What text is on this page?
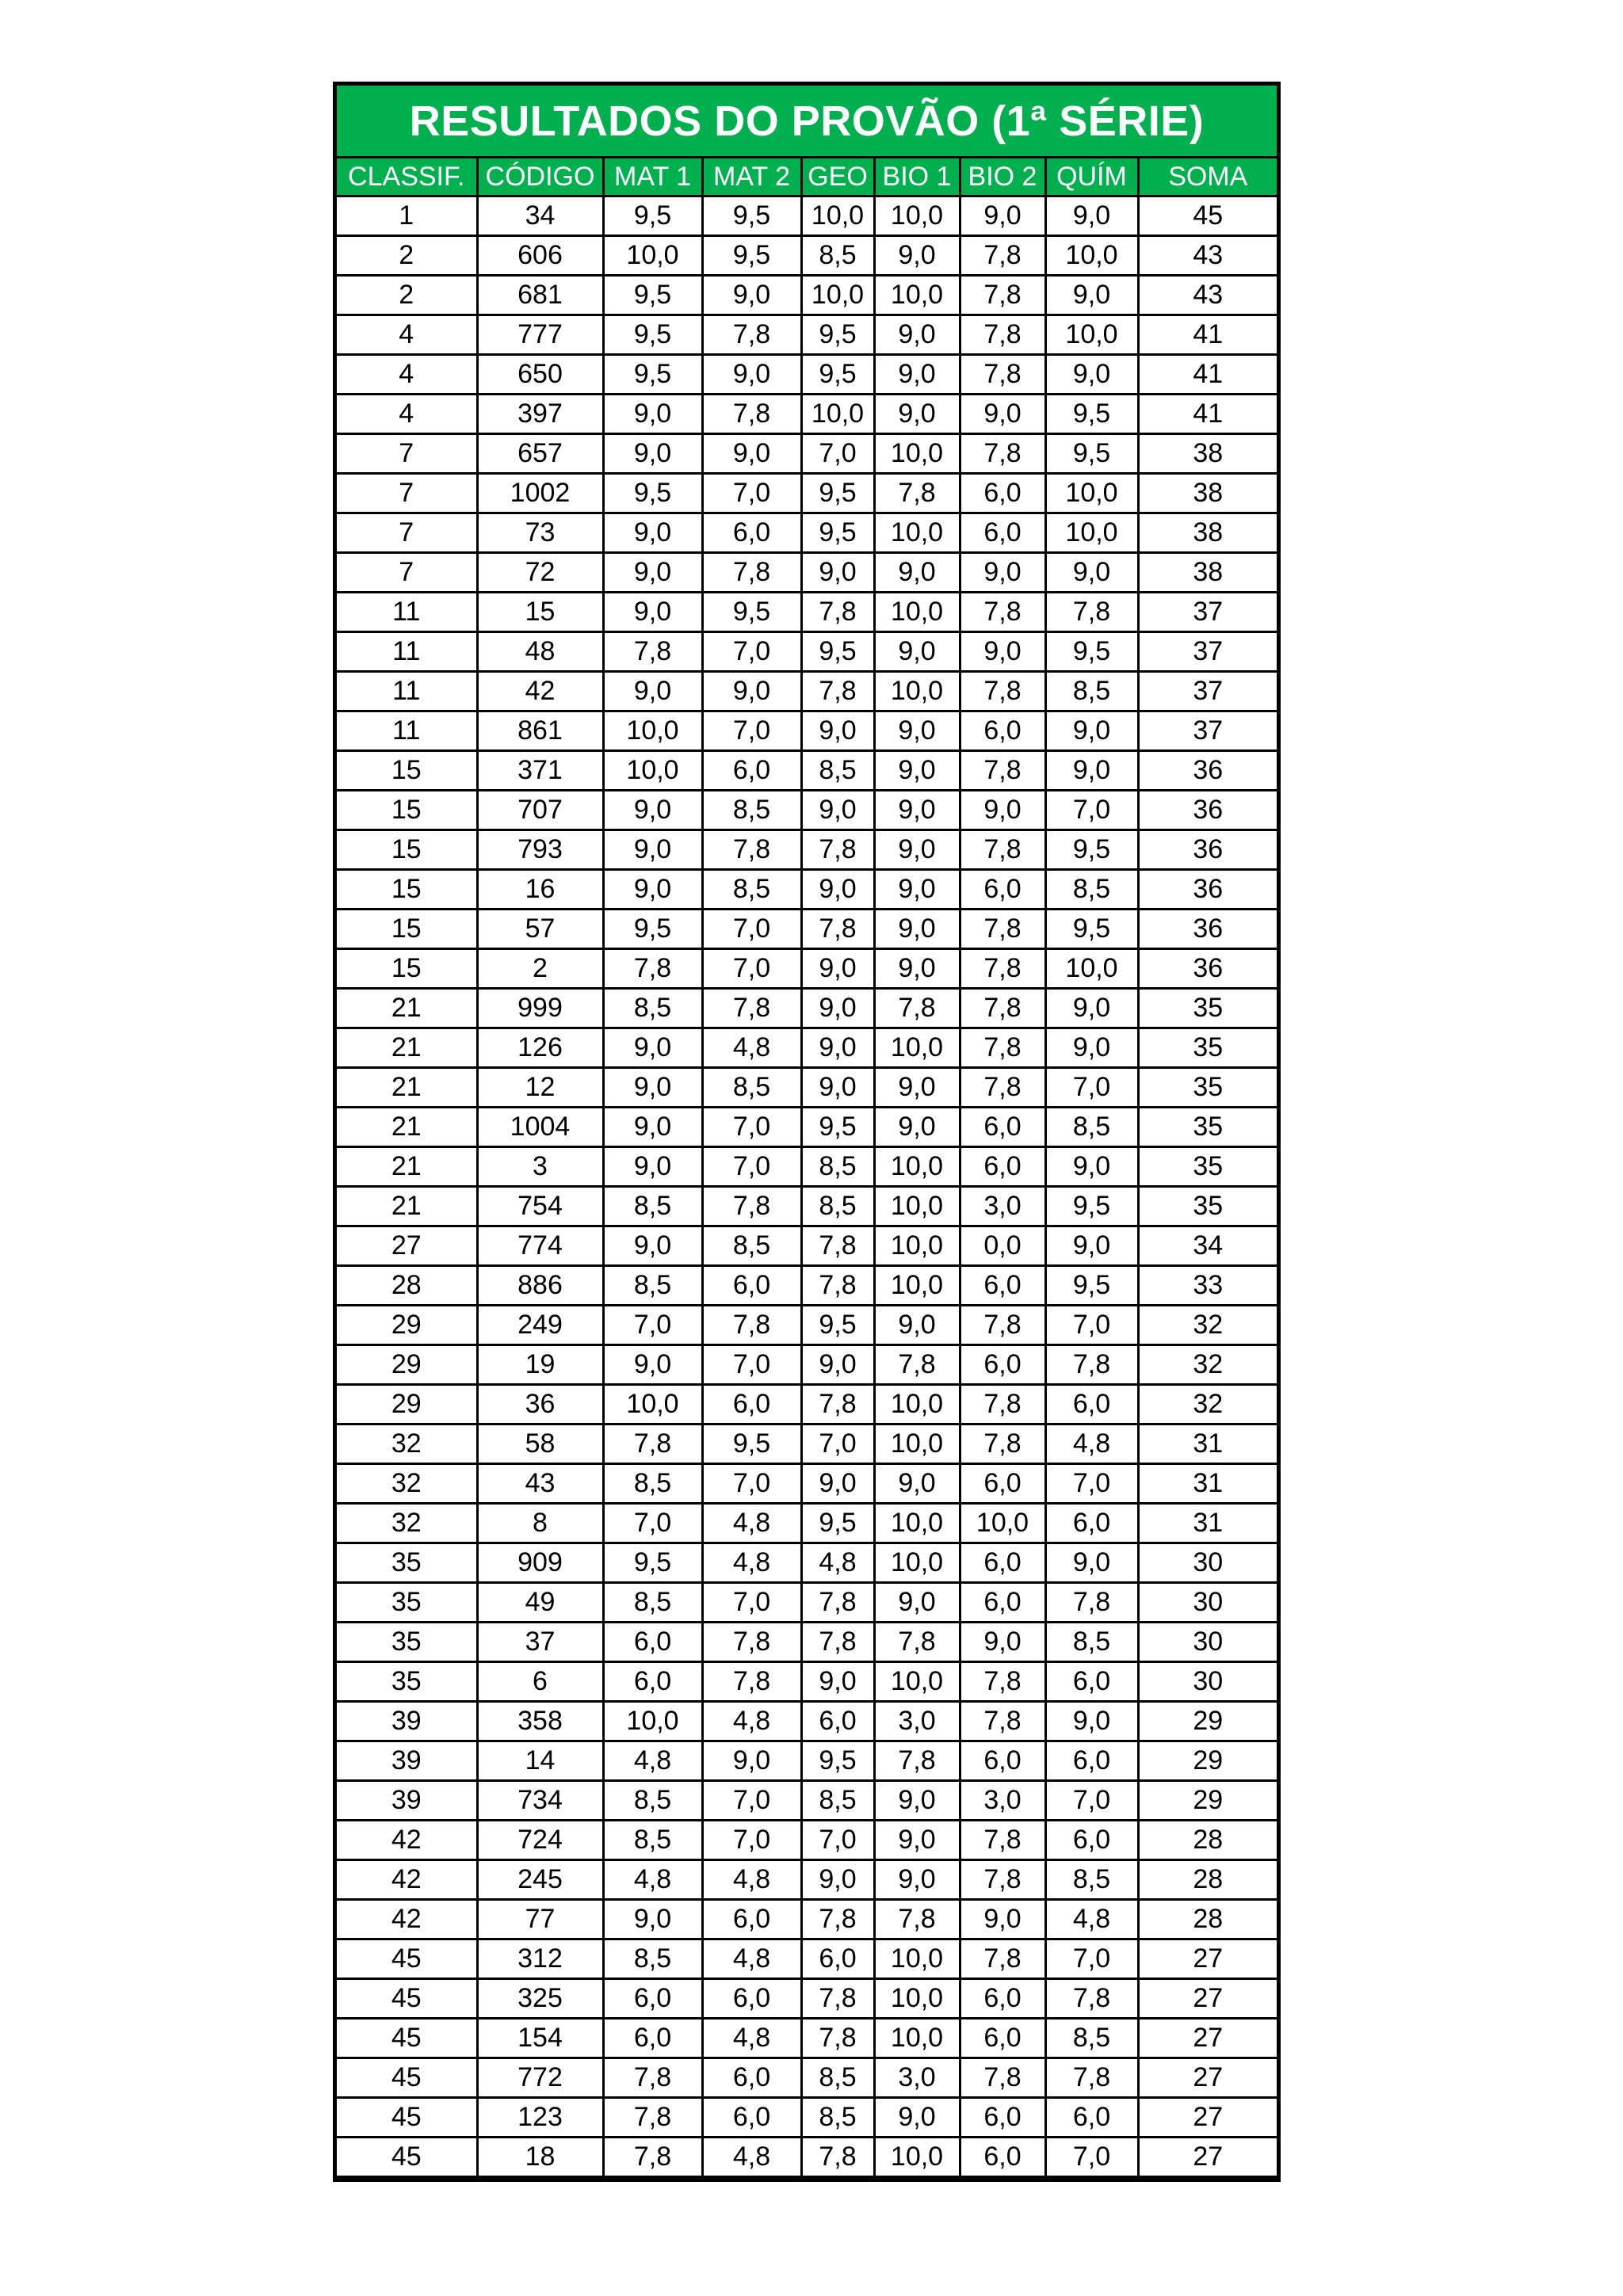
RESULTADOS DO PROVÃO (1ª SÉRIE)
CLASSIF.	CÓDIGO	MAT 1	MAT 2	GEO	BIO 1	BIO 2	QUÍM	SOMA
1	34	9,5	9,5	10,0	10,0	9,0	9,0	45
2	606	10,0	9,5	8,5	9,0	7,8	10,0	43
2	681	9,5	9,0	10,0	10,0	7,8	9,0	43
4	777	9,5	7,8	9,5	9,0	7,8	10,0	41
4	650	9,5	9,0	9,5	9,0	7,8	9,0	41
4	397	9,0	7,8	10,0	9,0	9,0	9,5	41
7	657	9,0	9,0	7,0	10,0	7,8	9,5	38
7	1002	9,5	7,0	9,5	7,8	6,0	10,0	38
7	73	9,0	6,0	9,5	10,0	6,0	10,0	38
7	72	9,0	7,8	9,0	9,0	9,0	9,0	38
11	15	9,0	9,5	7,8	10,0	7,8	7,8	37
11	48	7,8	7,0	9,5	9,0	9,0	9,5	37
11	42	9,0	9,0	7,8	10,0	7,8	8,5	37
11	861	10,0	7,0	9,0	9,0	6,0	9,0	37
15	371	10,0	6,0	8,5	9,0	7,8	9,0	36
15	707	9,0	8,5	9,0	9,0	9,0	7,0	36
15	793	9,0	7,8	7,8	9,0	7,8	9,5	36
15	16	9,0	8,5	9,0	9,0	6,0	8,5	36
15	57	9,5	7,0	7,8	9,0	7,8	9,5	36
15	2	7,8	7,0	9,0	9,0	7,8	10,0	36
21	999	8,5	7,8	9,0	7,8	7,8	9,0	35
21	126	9,0	4,8	9,0	10,0	7,8	9,0	35
21	12	9,0	8,5	9,0	9,0	7,8	7,0	35
21	1004	9,0	7,0	9,5	9,0	6,0	8,5	35
21	3	9,0	7,0	8,5	10,0	6,0	9,0	35
21	754	8,5	7,8	8,5	10,0	3,0	9,5	35
27	774	9,0	8,5	7,8	10,0	0,0	9,0	34
28	886	8,5	6,0	7,8	10,0	6,0	9,5	33
29	249	7,0	7,8	9,5	9,0	7,8	7,0	32
29	19	9,0	7,0	9,0	7,8	6,0	7,8	32
29	36	10,0	6,0	7,8	10,0	7,8	6,0	32
32	58	7,8	9,5	7,0	10,0	7,8	4,8	31
32	43	8,5	7,0	9,0	9,0	6,0	7,0	31
32	8	7,0	4,8	9,5	10,0	10,0	6,0	31
35	909	9,5	4,8	4,8	10,0	6,0	9,0	30
35	49	8,5	7,0	7,8	9,0	6,0	7,8	30
35	37	6,0	7,8	7,8	7,8	9,0	8,5	30
35	6	6,0	7,8	9,0	10,0	7,8	6,0	30
39	358	10,0	4,8	6,0	3,0	7,8	9,0	29
39	14	4,8	9,0	9,5	7,8	6,0	6,0	29
39	734	8,5	7,0	8,5	9,0	3,0	7,0	29
42	724	8,5	7,0	7,0	9,0	7,8	6,0	28
42	245	4,8	4,8	9,0	9,0	7,8	8,5	28
42	77	9,0	6,0	7,8	7,8	9,0	4,8	28
45	312	8,5	4,8	6,0	10,0	7,8	7,0	27
45	325	6,0	6,0	7,8	10,0	6,0	7,8	27
45	154	6,0	4,8	7,8	10,0	6,0	8,5	27
45	772	7,8	6,0	8,5	3,0	7,8	7,8	27
45	123	7,8	6,0	8,5	9,0	6,0	6,0	27
45	18	7,8	4,8	7,8	10,0	6,0	7,0	27
